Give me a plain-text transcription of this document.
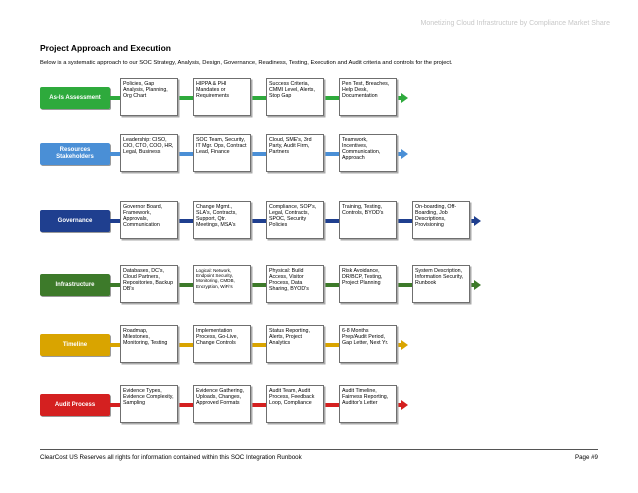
Monetizing Cloud Infrastructure by Compliance Market Share
Project Approach and Execution
Below is a systematic approach to our SOC Strategy, Analysis, Design, Governance, Readiness, Testing, Execution and Audit criteria and controls for the project.
As-Is Assessment
Policies, Gap Analysis, Planning, Org Chart
HIPPA & PHI Mandates or Requirements
Success Criteria, CMMI Level, Alerts, Stop Gap
Pen Test, Breaches, Help Desk, Documentation
Resources Stakeholders
Leadership: CISO, CIO, CTO, COO, HR, Legal, Business
SOC Team, Security, IT Mgr. Ops, Contract Lead, Finance
Cloud, SME's, 3rd Party, Audit Firm, Partners
Teamwork, Incentives, Communication, Approach
Governance
Governor Board, Framework, Approvals, Communication
Change Mgmt., SLA's, Contracts, Support, Qtr. Meetings, MSA's
Compliance, SOP's, Legal, Contracts, SPOC, Security Policies
Training, Testing, Controls, BYOD's
On-boarding, Off-Boarding, Job Descriptions, Provisioning
Infrastructure
Databases, DC's, Cloud Partners, Repositories, Backup DB's
Logical: Network, Endpoint Security, Monitoring, CMDB, Encryption, WiFi's
Physical: Build Access, Visitor Process, Data Sharing, BYOD's
Risk Avoidance, DR/BCP, Testing, Project Planning
System Description, Information Security, Runbook
Timeline
Roadmap, Milestones, Monitoring, Testing
Implementation Process, Go-Live, Change Controls
Status Reporting, Alerts, Project Analytics
6-8 Months Prep/Audit Period, Gap Letter, Next Yr.
Audit Process
Evidence Types, Evidence Complexity, Sampling
Evidence Gathering, Uploads, Changes, Approved Formats
Audit Team, Audit Process, Feedback Loop, Compliance
Audit Timeline, Fairness Reporting, Auditor's Letter
ClearCost US Reserves all rights for information contained within this SOC Integration Runbook	Page #9
